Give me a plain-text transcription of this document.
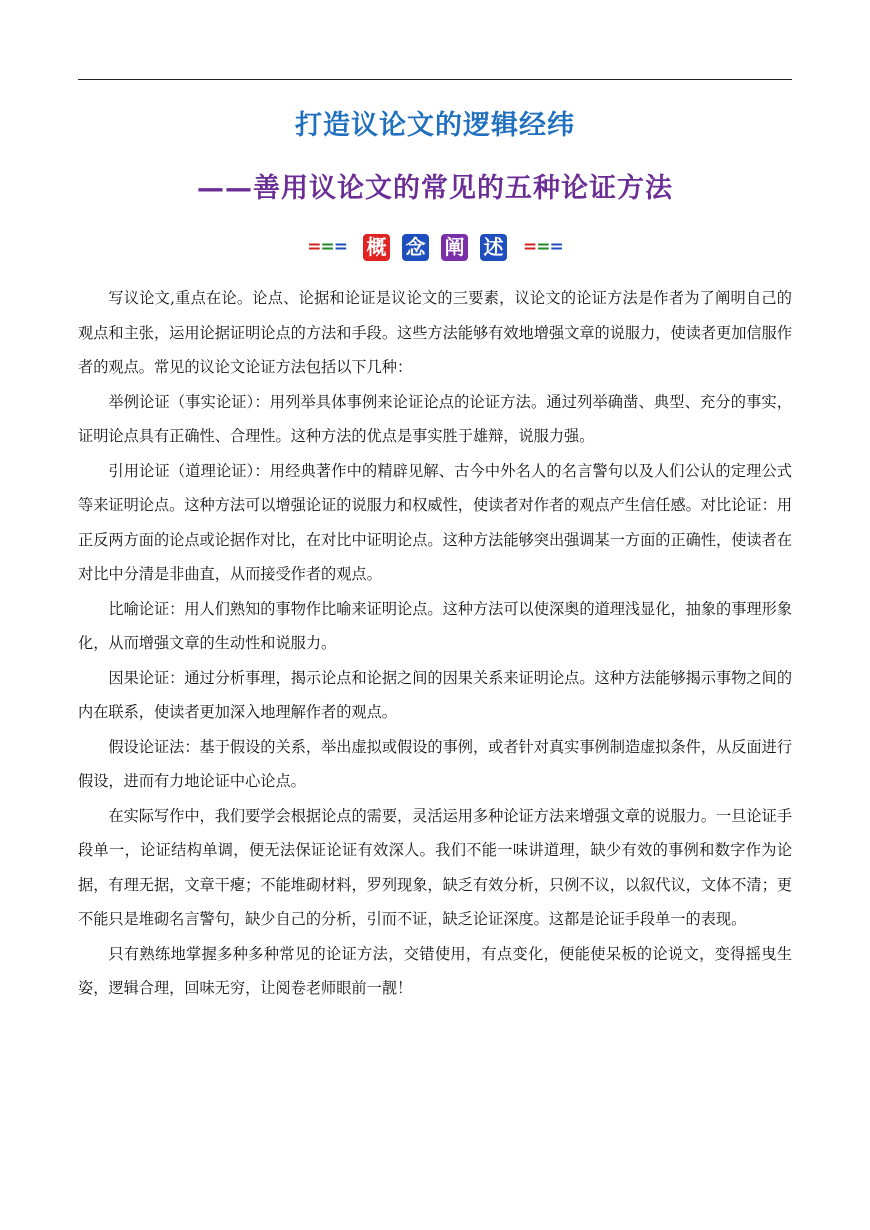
打造议论文的逻辑经纬
——善用议论文的常见的五种论证方法
=== 概 念 阐 述 ===

写议论文,重点在论。论点、论据和论证是议论文的三要素，议论文的论证方法是作者为了阐明自己的观点和主张，运用论据证明论点的方法和手段。这些方法能够有效地增强文章的说服力，使读者更加信服作者的观点。常见的议论文论证方法包括以下几种：

举例论证（事实论证）：用列举具体事例来论证论点的论证方法。通过列举确凿、典型、充分的事实，证明论点具有正确性、合理性。这种方法的优点是事实胜于雄辩，说服力强。

引用论证（道理论证）：用经典著作中的精辟见解、古今中外名人的名言警句以及人们公认的定理公式等来证明论点。这种方法可以增强论证的说服力和权威性，使读者对作者的观点产生信任感。对比论证：用正反两方面的论点或论据作对比，在对比中证明论点。这种方法能够突出强调某一方面的正确性，使读者在对比中分清是非曲直，从而接受作者的观点。

比喻论证：用人们熟知的事物作比喻来证明论点。这种方法可以使深奥的道理浅显化，抽象的事理形象化，从而增强文章的生动性和说服力。

因果论证：通过分析事理，揭示论点和论据之间的因果关系来证明论点。这种方法能够揭示事物之间的内在联系，使读者更加深入地理解作者的观点。

假设论证法：基于假设的关系，举出虚拟或假设的事例，或者针对真实事例制造虚拟条件，从反面进行假设，进而有力地论证中心论点。

在实际写作中，我们要学会根据论点的需要，灵活运用多种论证方法来增强文章的说服力。一旦论证手段单一，论证结构单调，便无法保证论证有效深人。我们不能一味讲道理，缺少有效的事例和数字作为论据，有理无据，文章干瘪；不能堆砌材料，罗列现象，缺乏有效分析，只例不议，以叙代议，文体不清；更不能只是堆砌名言警句，缺少自己的分析，引而不证，缺乏论证深度。这都是论证手段单一的表现。

只有熟练地掌握多种多种常见的论证方法，交错使用，有点变化，便能使呆板的论说文，变得摇曳生姿，逻辑合理，回味无穷，让阅卷老师眼前一靓！
